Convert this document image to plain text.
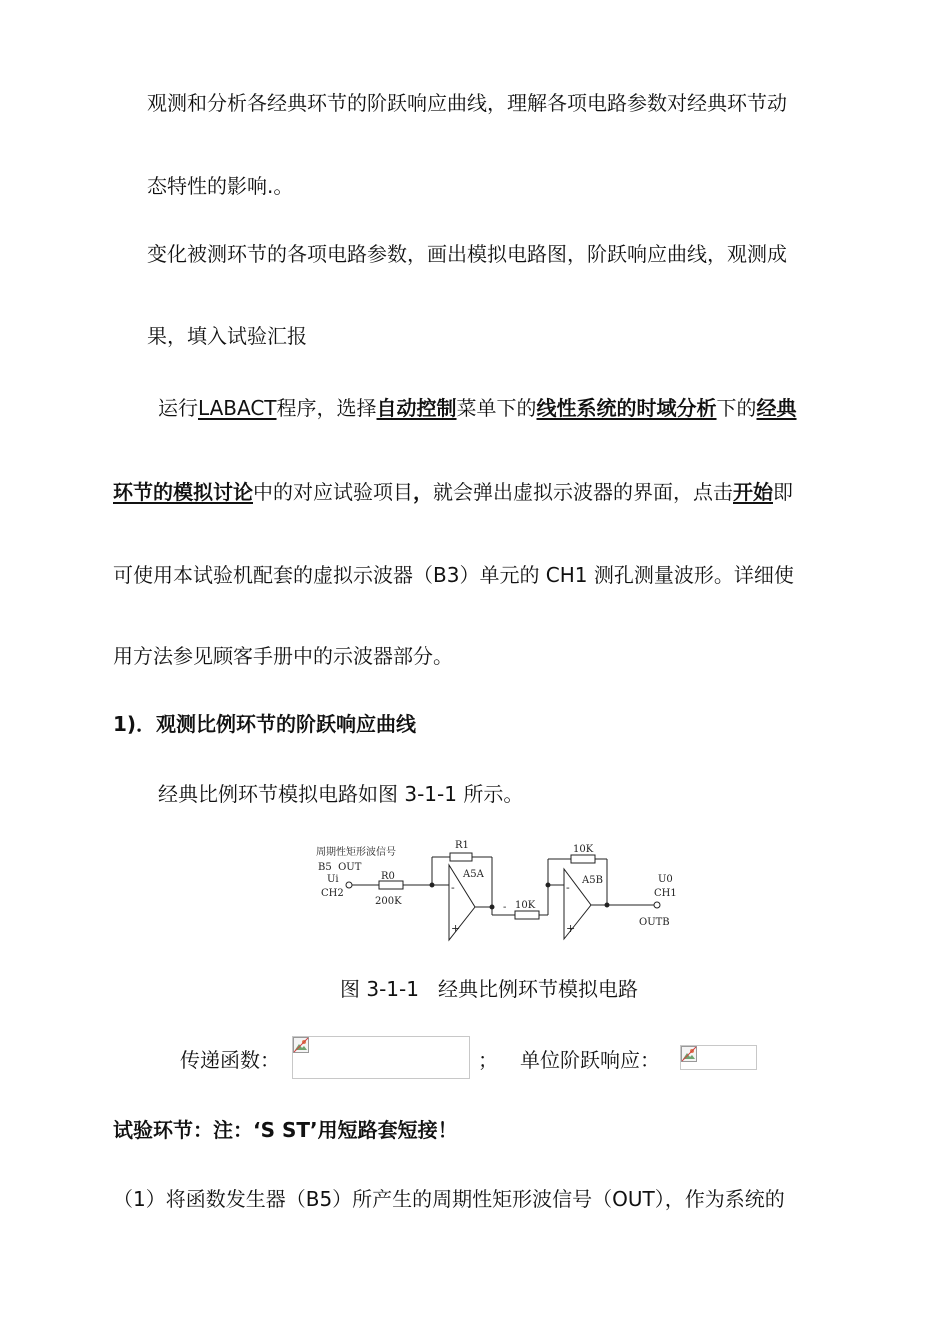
观测和分析各经典环节的阶跃响应曲线，理解各项电路参数对经典环节动
态特性的影响.。
变化被测环节的各项电路参数，画出模拟电路图，阶跃响应曲线，观测成
果，填入试验汇报
运行LABACT程序，选择自动控制菜单下的线性系统的时域分析下的经典
环节的模拟讨论中的对应试验项目，就会弹出虚拟示波器的界面，点击开始即
可使用本试验机配套的虚拟示波器（B3）单元的 CH1 测孔测量波形。详细使
用方法参见顾客手册中的示波器部分。
1)．观测比例环节的阶跃响应曲线
经典比例环节模拟电路如图 3-1-1 所示。
周期性矩形波信号
B5  OUT
Ui
CH2
R0
200K
R1
-
+
A5A
- 10K
10K
-
+
A5B	U0
CH1
OUTB
图 3-1-1   经典比例环节模拟电路
传递函数：	； 单位阶跃响应：
试验环节：注：‘S ST’用短路套短接！
（1）将函数发生器（B5）所产生的周期性矩形波信号（OUT），作为系统的
